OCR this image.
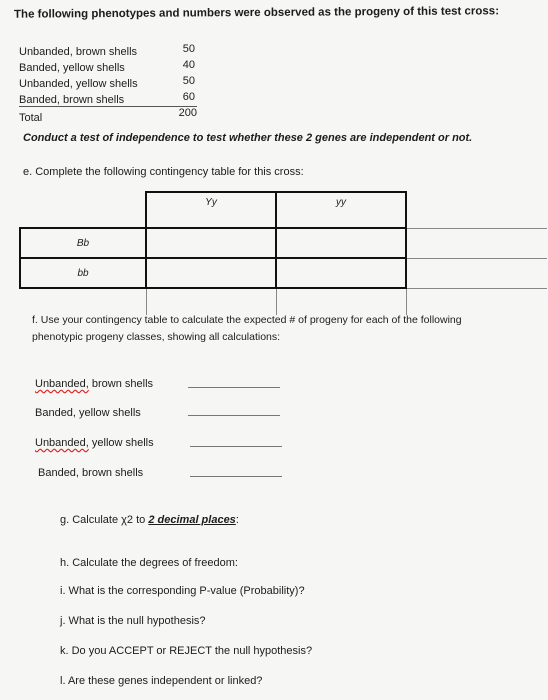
The following phenotypes and numbers were observed as the progeny of this test cross:
Unbanded, brown shells	50
Banded, yellow shells	40
Unbanded, yellow shells	50
Banded, brown shells	60
Total	200
Conduct a test of independence to test whether these 2 genes are independent or not.
e. Complete the following contingency table for this cross:
	Yy	yy	
Bb			
bb			

f. Use your contingency table to calculate the expected # of progeny for each of the following
phenotypic progeny classes, showing all calculations:
Unbanded, brown shells
Banded, yellow shells
Unbanded, yellow shells
Banded, brown shells
g. Calculate χ2 to 2 decimal places:
h. Calculate the degrees of freedom:
i. What is the corresponding P-value (Probability)?
j. What is the null hypothesis?
k. Do you ACCEPT or REJECT the null hypothesis?
l. Are these genes independent or linked?
